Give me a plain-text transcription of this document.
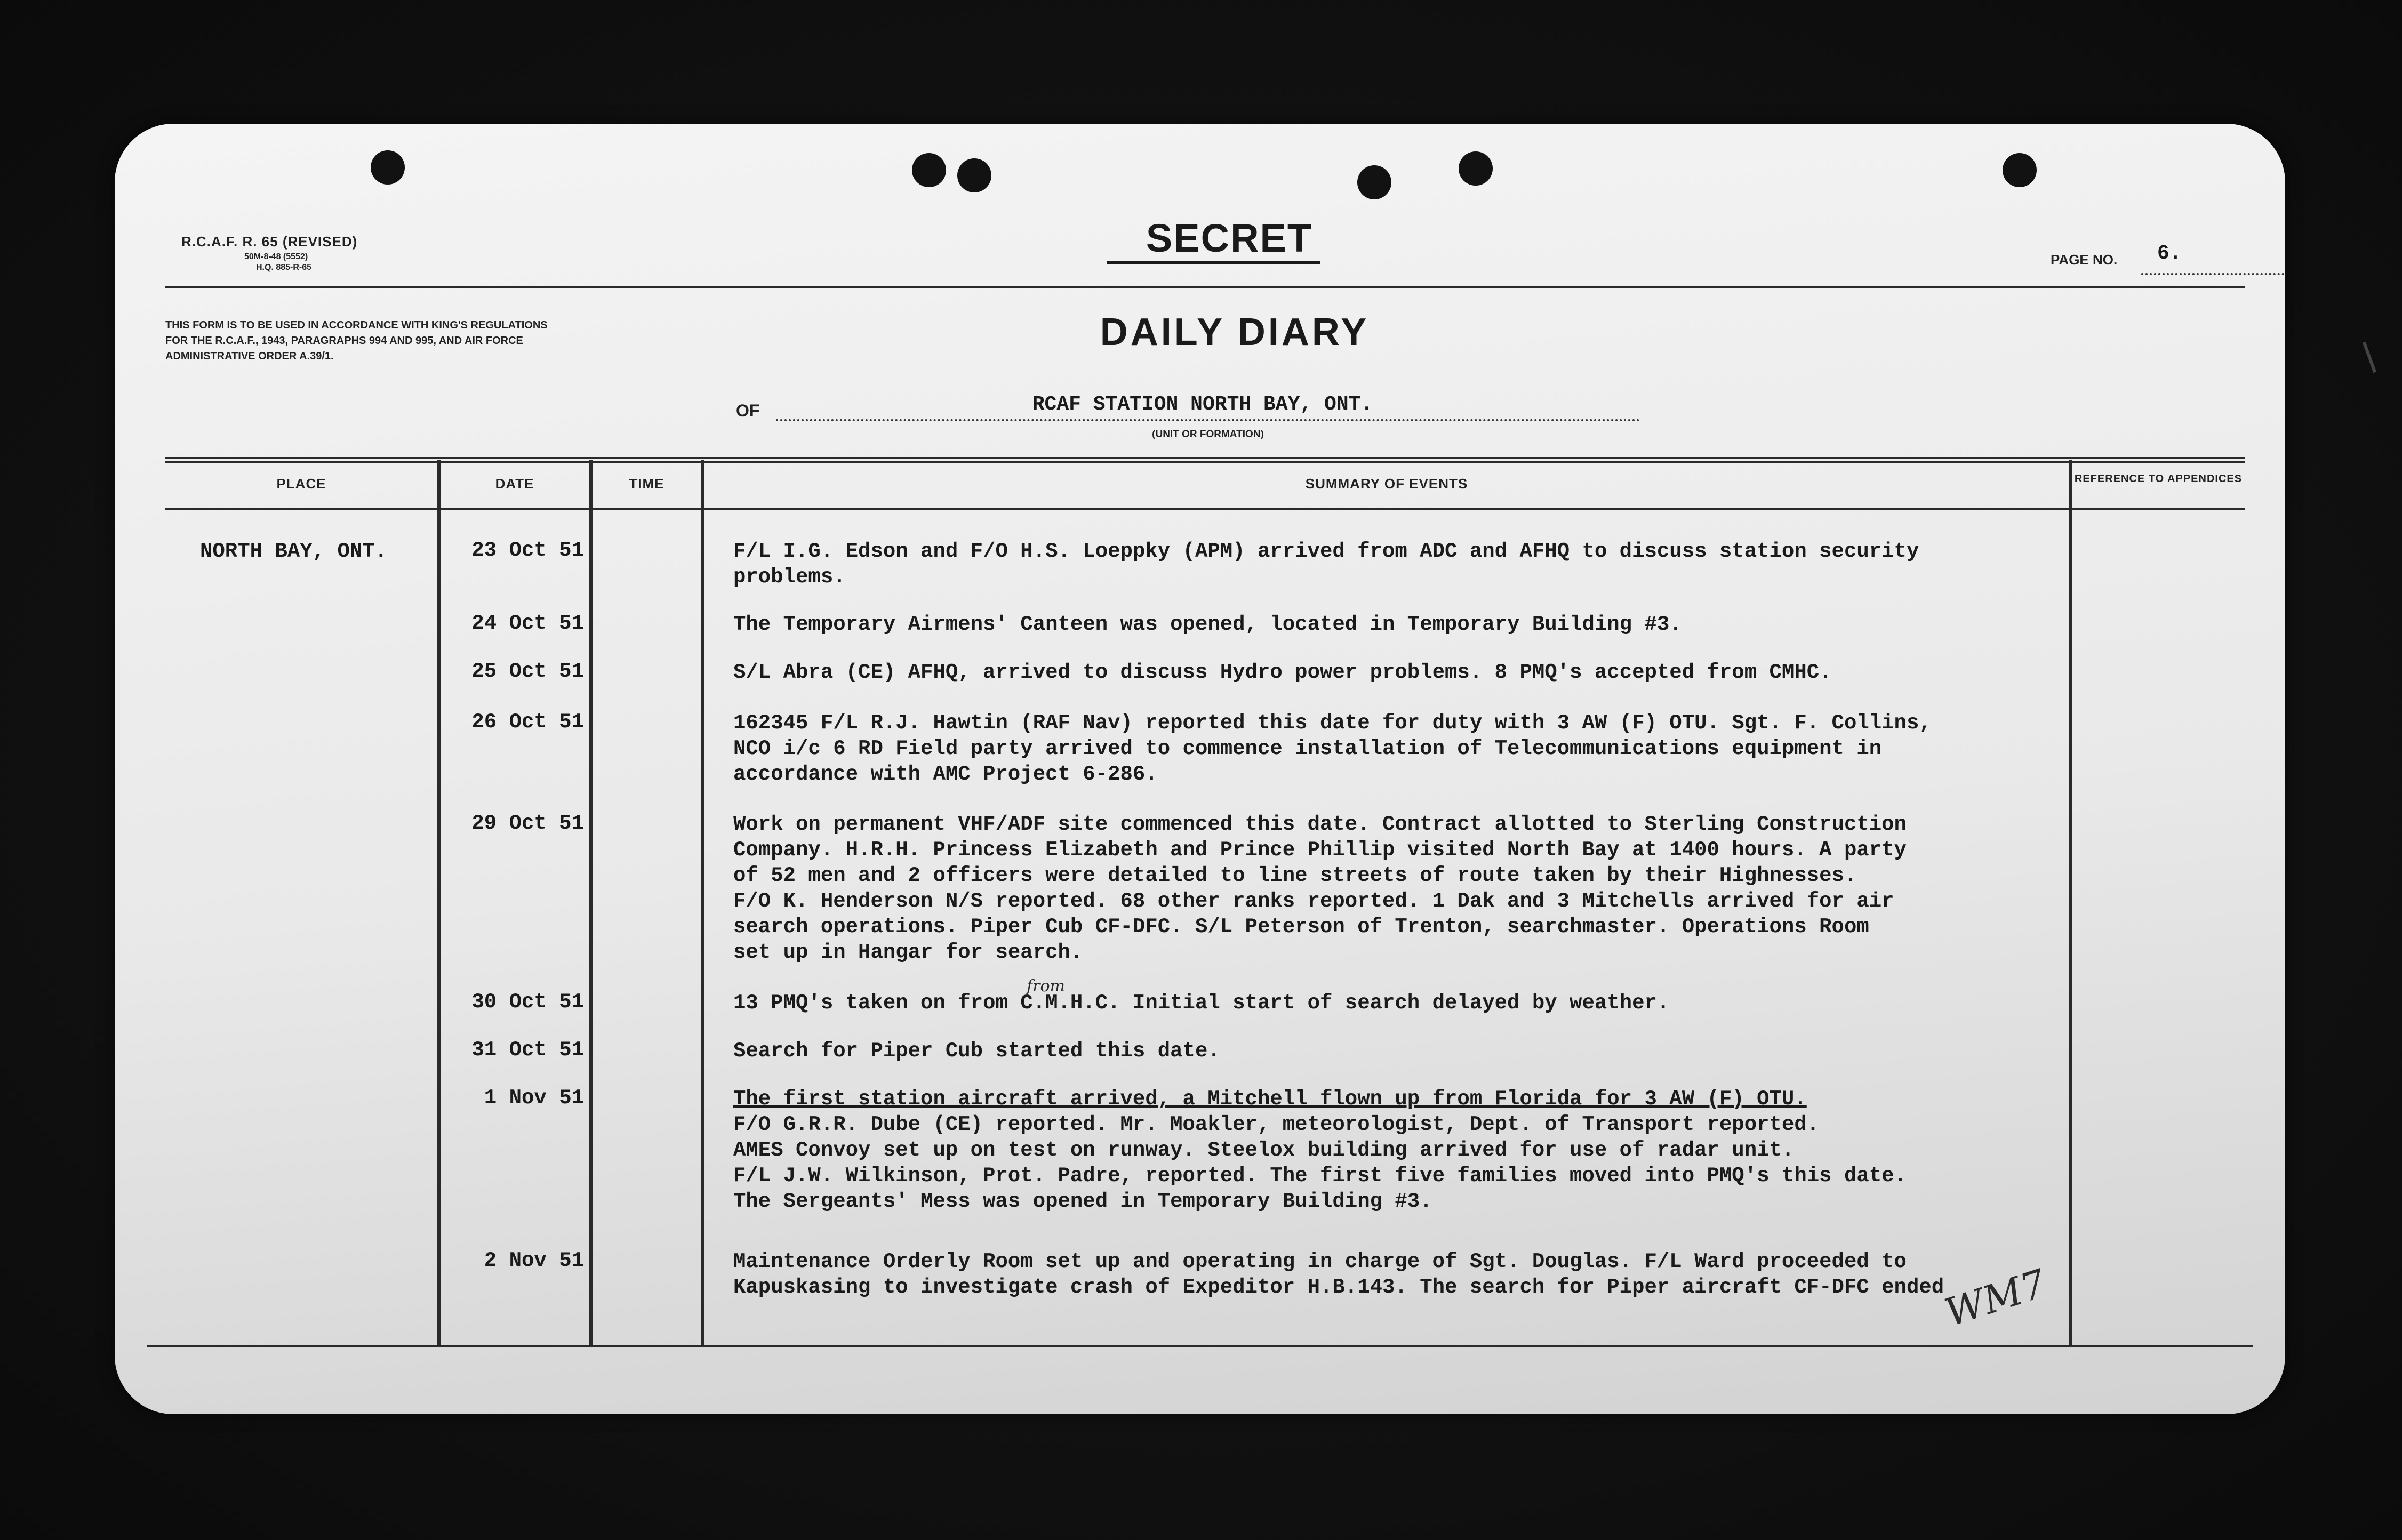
R.C.A.F. R. 65 (REVISED)
50M-8-48 (5552)
H.Q. 885-R-65
SECRET	PAGE NO. 6.
THIS FORM IS TO BE USED IN ACCORDANCE WITH KING'S REGULATIONS FOR THE R.C.A.F., 1943, PARAGRAPHS 994 AND 995, AND AIR FORCE ADMINISTRATIVE ORDER A.39/1.
DAILY DIARY
OF	RCAF STATION NORTH BAY, ONT.
(UNIT OR FORMATION)
PLACE	DATE	TIME	SUMMARY OF EVENTS	REFERENCE TO APPENDICES
NORTH BAY, ONT.	23 Oct 51	F/L I.G. Edson and F/O H.S. Loeppky (APM) arrived from ADC and AFHQ to discuss station security
problems.
24 Oct 51	The Temporary Airmens' Canteen was opened, located in Temporary Building #3.
25 Oct 51	S/L Abra (CE) AFHQ, arrived to discuss Hydro power problems. 8 PMQ's accepted from CMHC.
26 Oct 51	162345 F/L R.J. Hawtin (RAF Nav) reported this date for duty with 3 AW (F) OTU. Sgt. F. Collins,
NCO i/c 6 RD Field party arrived to commence installation of Telecommunications equipment in
accordance with AMC Project 6-286.
29 Oct 51	Work on permanent VHF/ADF site commenced this date. Contract allotted to Sterling Construction
Company. H.R.H. Princess Elizabeth and Prince Phillip visited North Bay at 1400 hours. A party
of 52 men and 2 officers were detailed to line streets of route taken by their Highnesses.
F/O K. Henderson N/S reported. 68 other ranks reported. 1 Dak and 3 Mitchells arrived for air
search operations. Piper Cub CF-DFC. S/L Peterson of Trenton, searchmaster. Operations Room
set up in Hangar for search.
30 Oct 51	13 PMQ's taken on from C.M.H.C. Initial start of search delayed by weather.
31 Oct 51	Search for Piper Cub started this date.
1 Nov 51	The first station aircraft arrived, a Mitchell flown up from Florida for 3 AW (F) OTU.
F/O G.R.R. Dube (CE) reported. Mr. Moakler, meteorologist, Dept. of Transport reported.
AMES Convoy set up on test on runway. Steelox building arrived for use of radar unit.
F/L J.W. Wilkinson, Prot. Padre, reported. The first five families moved into PMQ's this date.
The Sergeants' Mess was opened in Temporary Building #3.
2 Nov 51	Maintenance Orderly Room set up and operating in charge of Sgt. Douglas. F/L Ward proceeded to
Kapuskasing to investigate crash of Expeditor H.B.143. The search for Piper aircraft CF-DFC ended
from
WM7
